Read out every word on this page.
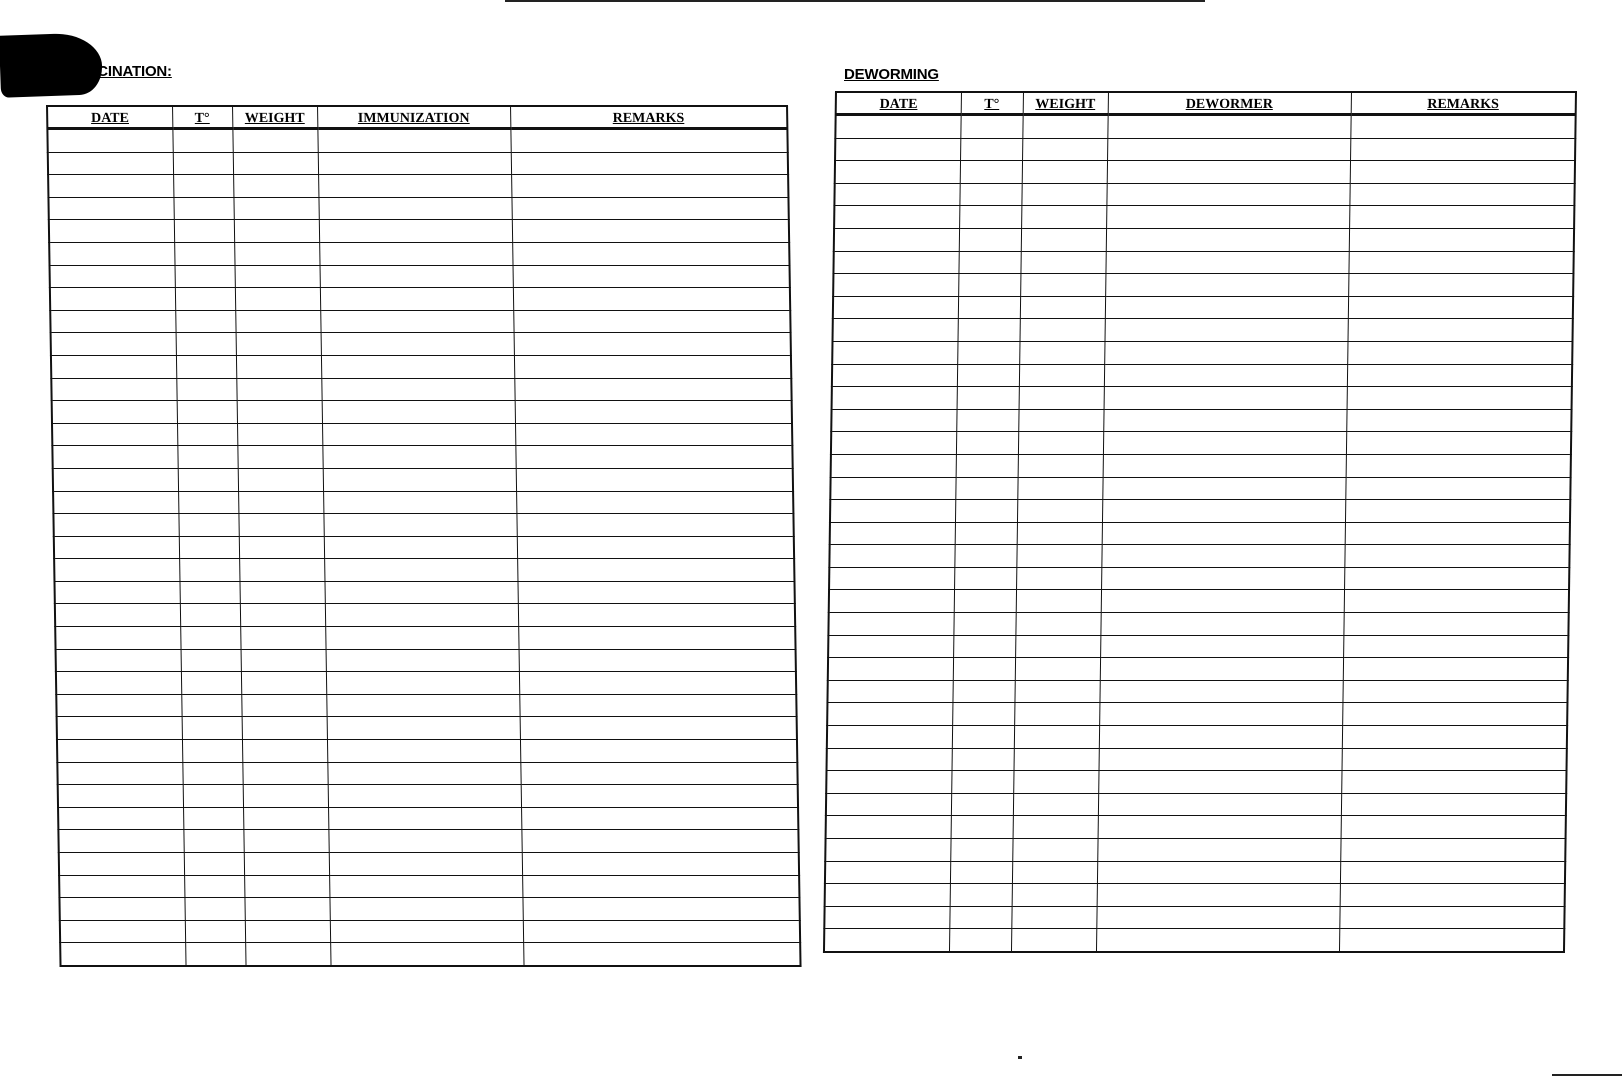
ACCINATION:	DEWORMING
DATE	T°	WEIGHT	IMMUNIZATION	REMARKS

DATE	T°	WEIGHT	DEWORMER	REMARKS
